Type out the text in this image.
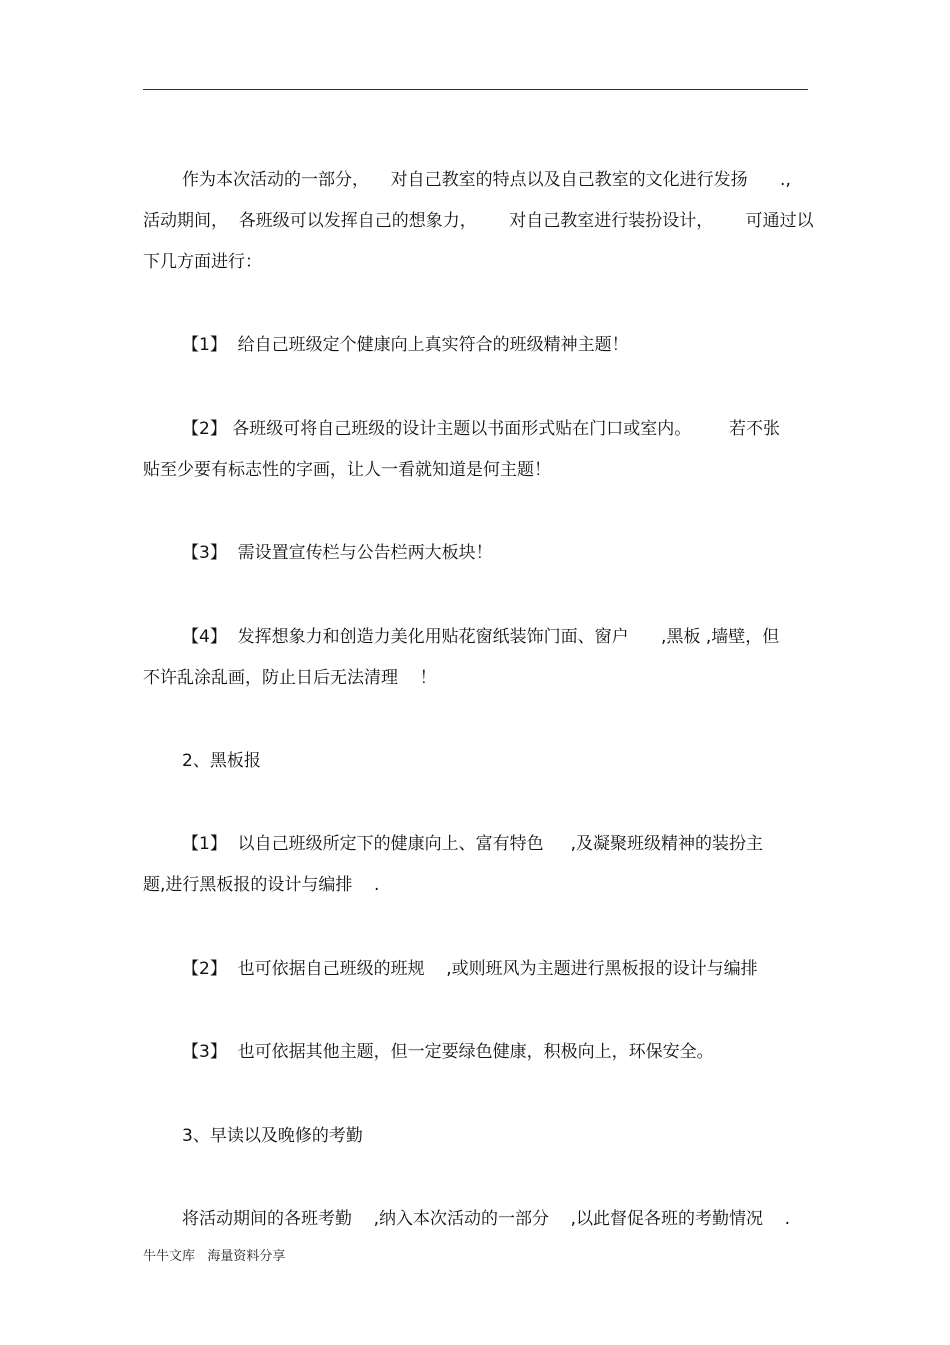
作为本次活动的一部分，    对自己教室的特点以及自己教室的文化进行发扬      .,
活动期间，  各班级可以发挥自己的想象力，      对自己教室进行装扮设计，      可通过以
下几方面进行：
【1】  给自己班级定个健康向上真实符合的班级精神主题！
【2】 各班级可将自己班级的设计主题以书面形式贴在门口或室内。       若不张
贴至少要有标志性的字画，让人一看就知道是何主题！
【3】  需设置宣传栏与公告栏两大板块！
【4】  发挥想象力和创造力美化用贴花窗纸装饰门面、窗户      ,黑板 ,墙壁，但
不许乱涂乱画，防止日后无法清理    ！
2、黑板报
【1】  以自己班级所定下的健康向上、富有特色     ,及凝聚班级精神的装扮主
题,进行黑板报的设计与编排    .
【2】  也可依据自己班级的班规    ,或则班风为主题进行黑板报的设计与编排
【3】  也可依据其他主题，但一定要绿色健康，积极向上，环保安全。
3、早读以及晚修的考勤
将活动期间的各班考勤    ,纳入本次活动的一部分    ,以此督促各班的考勤情况    .
牛牛文库   海量资料分享
